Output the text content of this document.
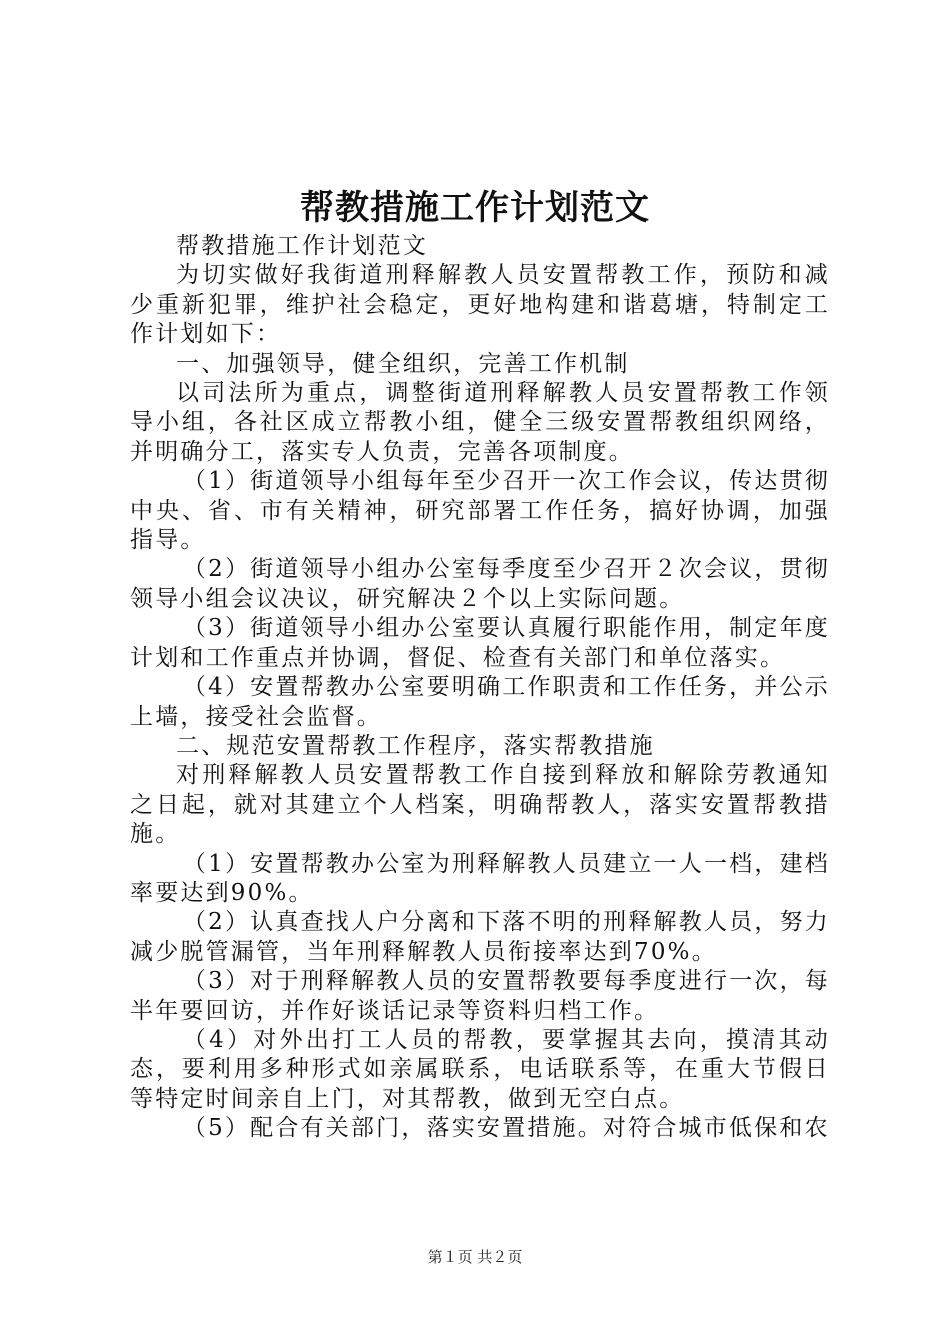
帮教措施工作计划范文

帮教措施工作计划范文

为切实做好我街道刑释解教人员安置帮教工作，预防和减少重新犯罪，维护社会稳定，更好地构建和谐葛塘，特制定工作计划如下：

一、加强领导，健全组织，完善工作机制

以司法所为重点，调整街道刑释解教人员安置帮教工作领导小组，各社区成立帮教小组，健全三级安置帮教组织网络，并明确分工，落实专人负责，完善各项制度。

（1）街道领导小组每年至少召开一次工作会议，传达贯彻中央、省、市有关精神，研究部署工作任务，搞好协调，加强指导。

（2）街道领导小组办公室每季度至少召开２次会议，贯彻领导小组会议决议，研究解决２个以上实际问题。

（3）街道领导小组办公室要认真履行职能作用，制定年度计划和工作重点并协调，督促、检查有关部门和单位落实。

（4）安置帮教办公室要明确工作职责和工作任务，并公示上墙，接受社会监督。

二、规范安置帮教工作程序，落实帮教措施

对刑释解教人员安置帮教工作自接到释放和解除劳教通知之日起，就对其建立个人档案，明确帮教人，落实安置帮教措施。

（1）安置帮教办公室为刑释解教人员建立一人一档，建档率要达到90%。

（2）认真查找人户分离和下落不明的刑释解教人员，努力减少脱管漏管，当年刑释解教人员衔接率达到70%。

（3）对于刑释解教人员的安置帮教要每季度进行一次，每半年要回访，并作好谈话记录等资料归档工作。

（4）对外出打工人员的帮教，要掌握其去向，摸清其动态，要利用多种形式如亲属联系，电话联系等，在重大节假日等特定时间亲自上门，对其帮教，做到无空白点。

（5）配合有关部门，落实安置措施。对符合城市低保和农

第１页 共２页
